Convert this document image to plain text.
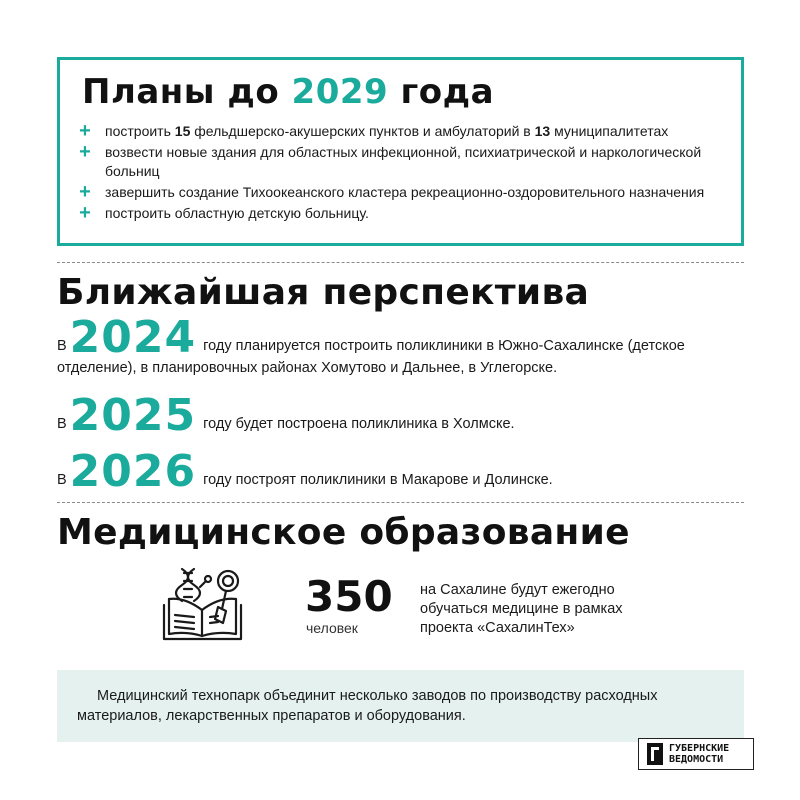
Планы до 2029 года
+ построить 15 фельдшерско-акушерских пунктов и амбулаторий в 13 муниципалитетах
+ возвести новые здания для областных инфекционной, психиатрической и наркологической больниц
+ завершить создание Тихоокеанского кластера рекреационно-оздоровительного назначения
+ построить областную детскую больницу.
Ближайшая перспектива
В2024 году планируется построить поликлиники в Южно-Сахалинске (детское отделение), в планировочных районах Хомутово и Дальнее, в Углегорске.
В2025 году будет построена поликлиника в Холмске.
В2026 году построят поликлиники в Макарове и Долинске.
Медицинское образование
350
человек
на Сахалине будут ежегодно обучаться медицине в рамках проекта «СахалинТех»
Медицинский технопарк объединит несколько заводов по производству расходных материалов, лекарственных препаратов и оборудования.
ГУБЕРНСКИЕ
ВЕДОМОСТИ
